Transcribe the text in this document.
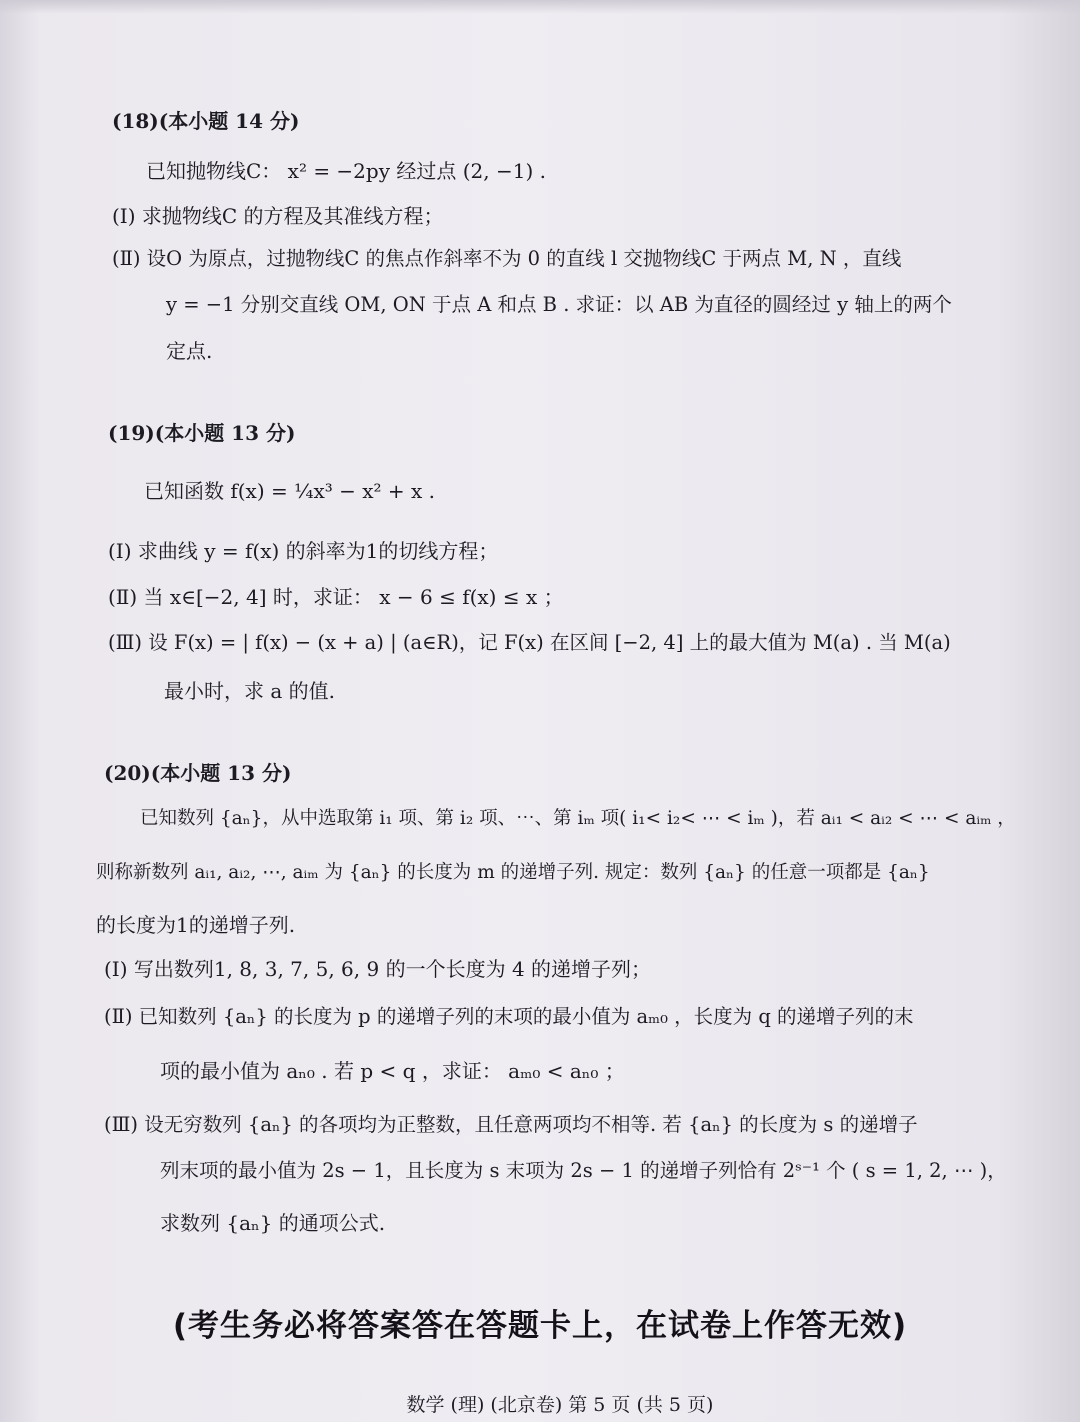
(18)(本小题 14 分)
已知抛物线C： x² = −2py 经过点 (2, −1) .
(Ⅰ) 求抛物线C 的方程及其准线方程；
(Ⅱ) 设O 为原点，过抛物线C 的焦点作斜率不为 0 的直线 l 交抛物线C 于两点 M, N ，直线
y = −1 分别交直线 OM, ON 于点 A 和点 B . 求证：以 AB 为直径的圆经过 y 轴上的两个
定点.
(19)(本小题 13 分)
已知函数 f(x) = ¼x³ − x² + x .
(Ⅰ) 求曲线 y = f(x) 的斜率为1的切线方程；
(Ⅱ) 当 x∈[−2, 4] 时，求证： x − 6 ≤ f(x) ≤ x ；
(Ⅲ) 设 F(x) = | f(x) − (x + a) | (a∈R)，记 F(x) 在区间 [−2, 4] 上的最大值为 M(a) . 当 M(a)
最小时，求 a 的值.
(20)(本小题 13 分)
已知数列 {aₙ}，从中选取第 i₁ 项、第 i₂ 项、⋯、第 iₘ 项( i₁< i₂< ⋯ < iₘ )，若 aᵢ₁ < aᵢ₂ < ⋯ < aᵢₘ ，
则称新数列 aᵢ₁, aᵢ₂, ⋯, aᵢₘ 为 {aₙ} 的长度为 m 的递增子列. 规定：数列 {aₙ} 的任意一项都是 {aₙ}
的长度为1的递增子列.
(Ⅰ) 写出数列1, 8, 3, 7, 5, 6, 9 的一个长度为 4 的递增子列；
(Ⅱ) 已知数列 {aₙ} 的长度为 p 的递增子列的末项的最小值为 aₘ₀ ，长度为 q 的递增子列的末
项的最小值为 aₙ₀ . 若 p < q ，求证： aₘ₀ < aₙ₀ ；
(Ⅲ) 设无穷数列 {aₙ} 的各项均为正整数，且任意两项均不相等. 若 {aₙ} 的长度为 s 的递增子
列末项的最小值为 2s − 1，且长度为 s 末项为 2s − 1 的递增子列恰有 2ˢ⁻¹ 个 ( s = 1, 2, ⋯ )，
求数列 {aₙ} 的通项公式.
(考生务必将答案答在答题卡上，在试卷上作答无效)
数学 (理) (北京卷) 第 5 页 (共 5 页)
